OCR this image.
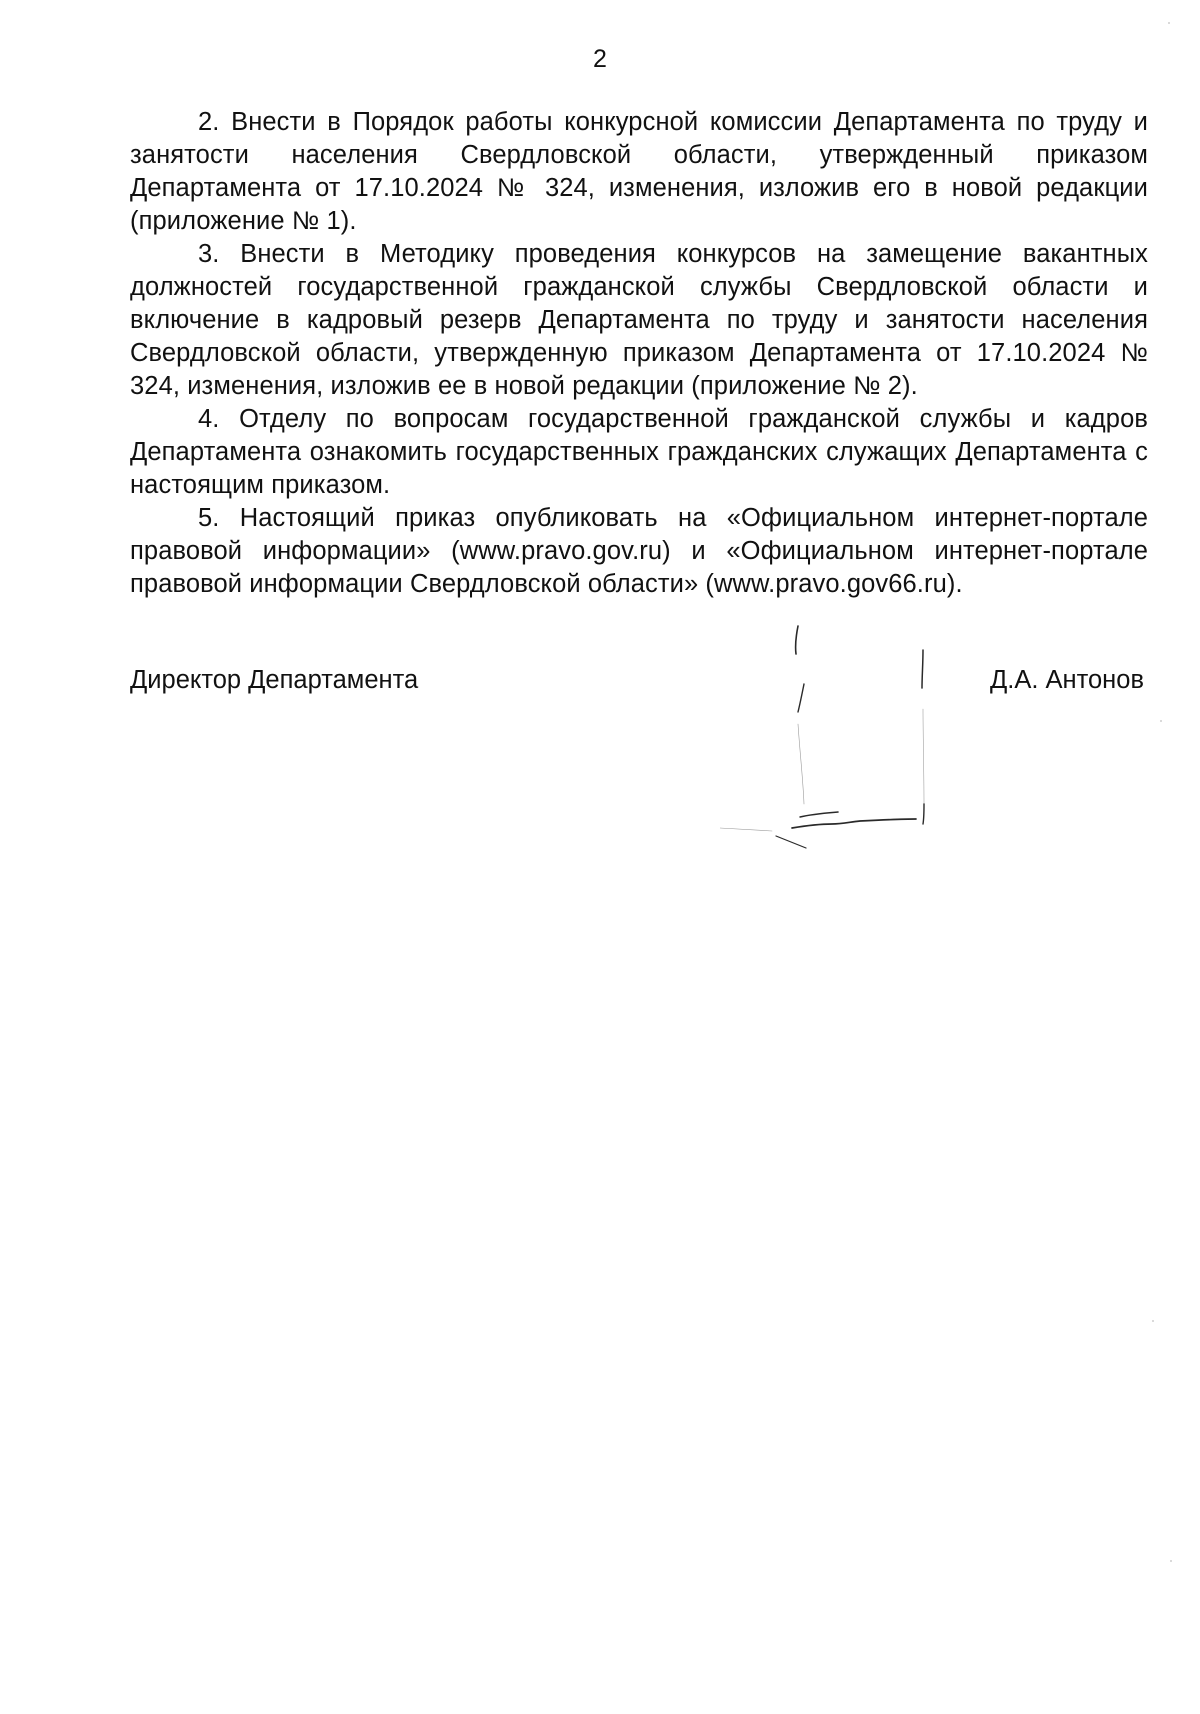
2

2. Внести в Порядок работы конкурсной комиссии Департамента по труду и занятости населения Свердловской области, утвержденный приказом Департамента от 17.10.2024 № 324, изменения, изложив его в новой редакции (приложение № 1).

3. Внести в Методику проведения конкурсов на замещение вакантных должностей государственной гражданской службы Свердловской области и включение в кадровый резерв Департамента по труду и занятости населения Свердловской области, утвержденную приказом Департамента от 17.10.2024 № 324, изменения, изложив ее в новой редакции (приложение № 2).

4. Отделу по вопросам государственной гражданской службы и кадров Департамента ознакомить государственных гражданских служащих Департамента с настоящим приказом.

5. Настоящий приказ опубликовать на «Официальном интернет-портале правовой информации» (www.pravo.gov.ru) и «Официальном интернет-портале правовой информации Свердловской области» (www.pravo.gov66.ru).

Директор Департамента	Д.А. Антонов
